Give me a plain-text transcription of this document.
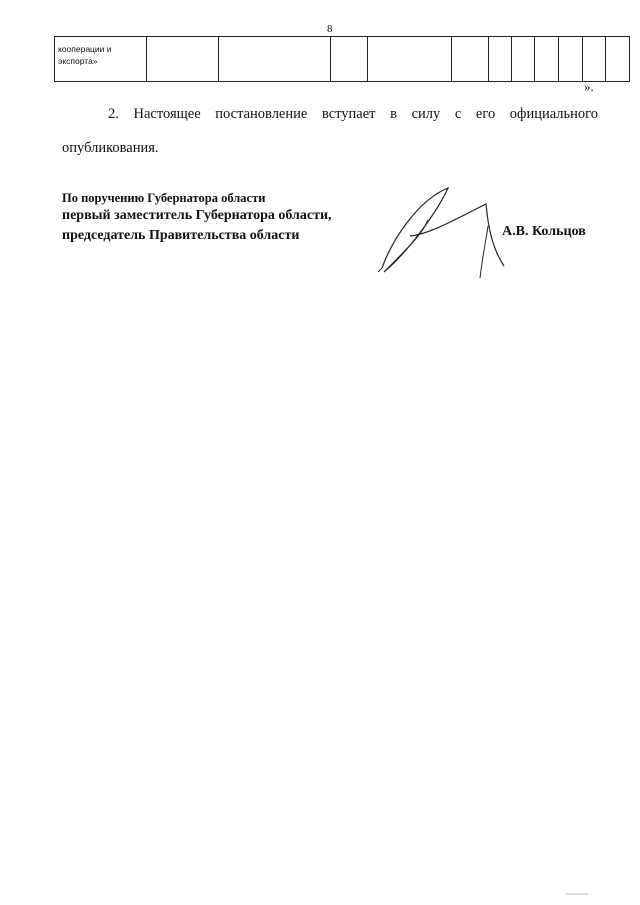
8
кооперации и
экспорта»

».

2. Настоящее постановление вступает в силу с его официального опубликования.

По поручению Губернатора области
первый заместитель Губернатора области,
председатель Правительства области	А.В. Кольцов
